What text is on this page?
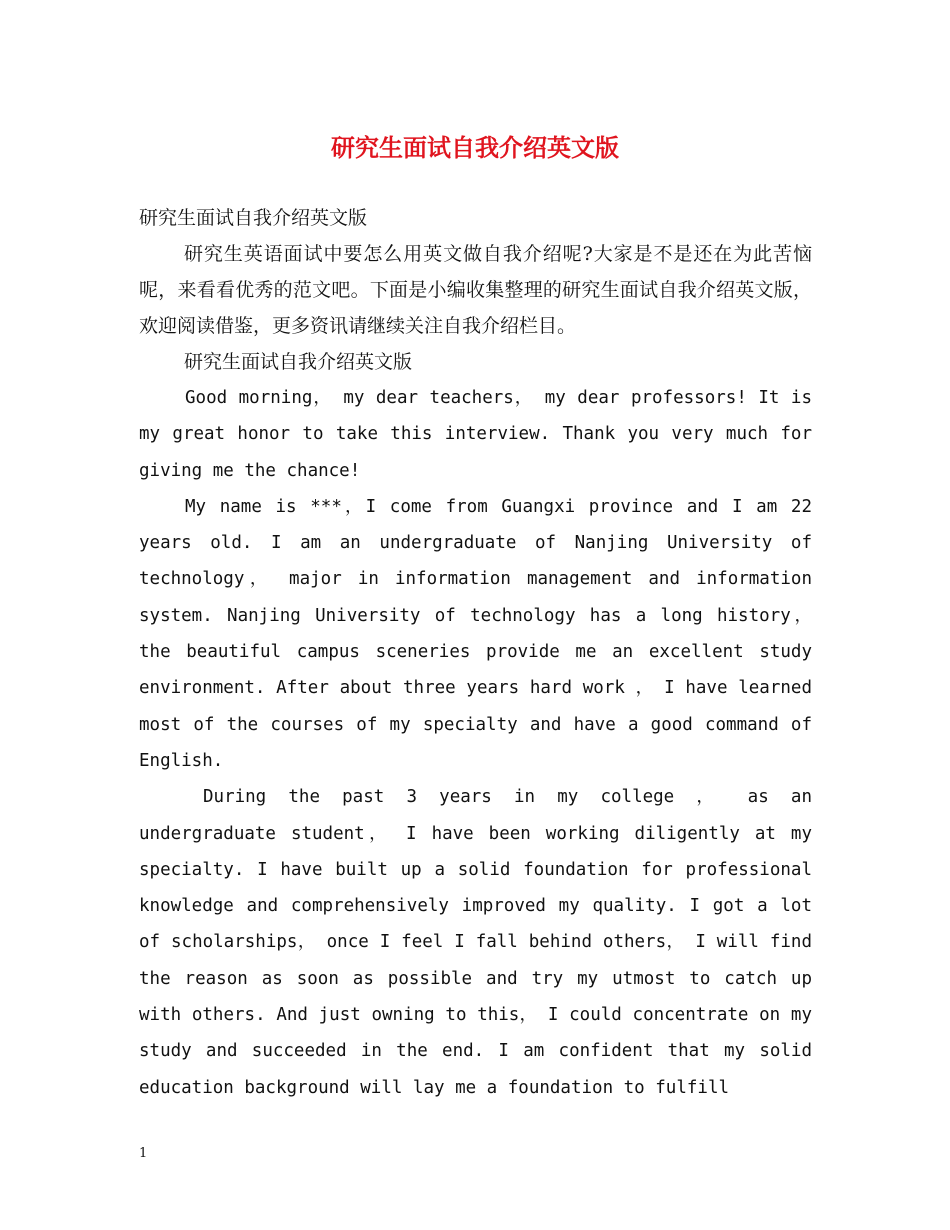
研究生面试自我介绍英文版

研究生面试自我介绍英文版

研究生英语面试中要怎么用英文做自我介绍呢?大家是不是还在为此苦恼呢，来看看优秀的范文吧。下面是小编收集整理的研究生面试自我介绍英文版，欢迎阅读借鉴，更多资讯请继续关注自我介绍栏目。

研究生面试自我介绍英文版

Good morning， my dear teachers， my dear professors! It is my great honor to take this interview. Thank you very much for giving me the chance!

My name is ***，I come from Guangxi province and I am 22 years old. I am an undergraduate of Nanjing University of technology， major in information management and information system. Nanjing University of technology has a long history， the beautiful campus sceneries provide me an excellent study environment. After about three years hard work ， I have learned most of the courses of my specialty and have a good command of English.

During the past 3 years in my college ， as an undergraduate student， I have been working diligently at my specialty. I have built up a solid foundation for professional knowledge and comprehensively improved my quality. I got a lot of scholarships， once I feel I fall behind others， I will find the reason as soon as possible and try my utmost to catch up with others. And just owning to this， I could concentrate on my study and succeeded in the end. I am confident that my solid education background will lay me a foundation to fulfill

1
